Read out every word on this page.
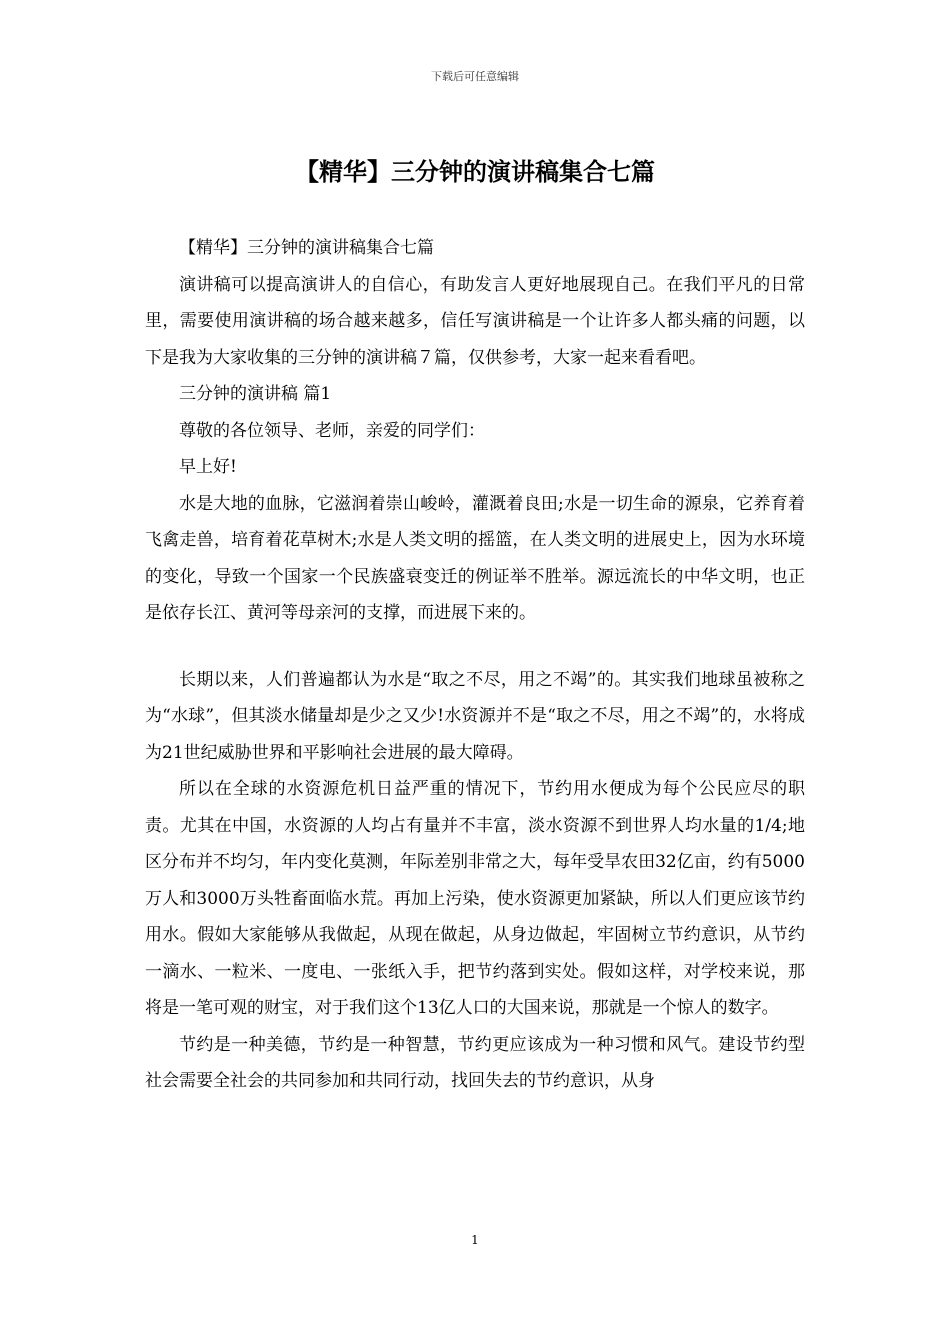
下载后可任意编辑
【精华】三分钟的演讲稿集合七篇

【精华】三分钟的演讲稿集合七篇

演讲稿可以提高演讲人的自信心，有助发言人更好地展现自己。在我们平凡的日常里，需要使用演讲稿的场合越来越多，信任写演讲稿是一个让许多人都头痛的问题，以下是我为大家收集的三分钟的演讲稿７篇，仅供参考，大家一起来看看吧。

三分钟的演讲稿 篇1

尊敬的各位领导、老师，亲爱的同学们：

早上好!

水是大地的血脉，它滋润着崇山峻岭，灌溉着良田;水是一切生命的源泉，它养育着飞禽走兽，培育着花草树木;水是人类文明的摇篮，在人类文明的进展史上，因为水环境的变化，导致一个国家一个民族盛衰变迁的例证举不胜举。源远流长的中华文明，也正是依存长江、黄河等母亲河的支撑，而进展下来的。

长期以来，人们普遍都认为水是“取之不尽，用之不竭”的。其实我们地球虽被称之为“水球”，但其淡水储量却是少之又少!水资源并不是“取之不尽，用之不竭”的，水将成为21世纪威胁世界和平影响社会进展的最大障碍。

所以在全球的水资源危机日益严重的情况下，节约用水便成为每个公民应尽的职责。尤其在中国，水资源的人均占有量并不丰富，淡水资源不到世界人均水量的1/4;地区分布并不均匀，年内变化莫测，年际差别非常之大，每年受旱农田32亿亩，约有5000万人和3000万头牲畜面临水荒。再加上污染，使水资源更加紧缺，所以人们更应该节约用水。假如大家能够从我做起，从现在做起，从身边做起，牢固树立节约意识，从节约一滴水、一粒米、一度电、一张纸入手，把节约落到实处。假如这样，对学校来说，那将是一笔可观的财宝，对于我们这个13亿人口的大国来说，那就是一个惊人的数字。

节约是一种美德，节约是一种智慧，节约更应该成为一种习惯和风气。建设节约型社会需要全社会的共同参加和共同行动，找回失去的节约意识，从身

1
